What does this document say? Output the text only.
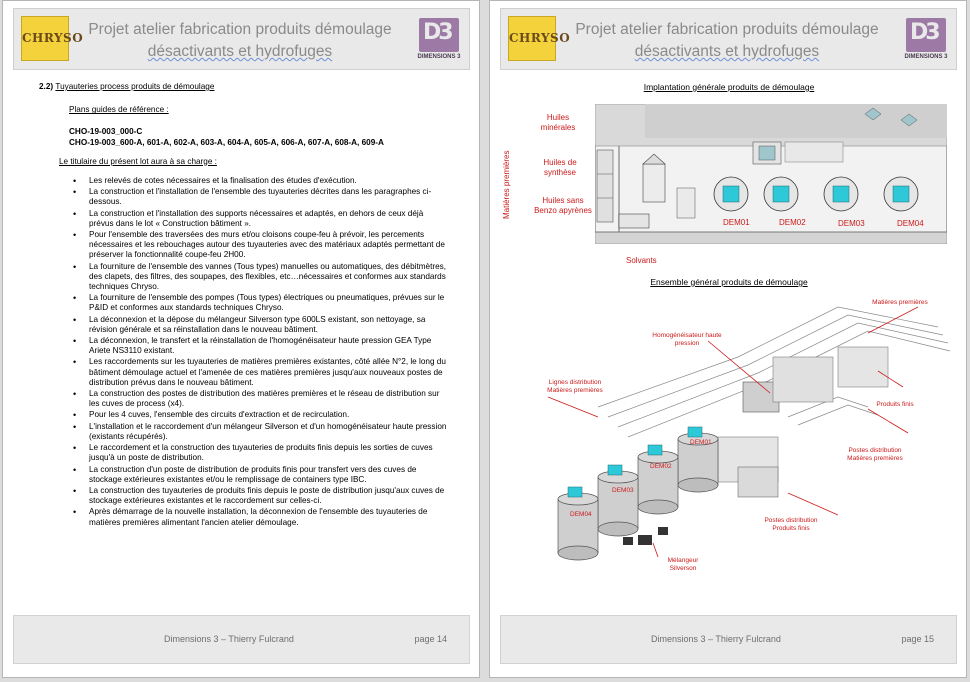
CHRYSO Projet atelier fabrication produits démoulage
désactivants et hydrofuges
D3
DIMENSIONS 3
2.2) Tuyauteries process produits de démoulage
Plans guides de référence :
CHO-19-003_000-C
CHO-19-003_600-A, 601-A, 602-A, 603-A, 604-A, 605-A, 606-A, 607-A, 608-A, 609-A
Le titulaire du présent lot aura à sa charge :
• Les relevés de cotes nécessaires et la finalisation des études d'exécution.
• La construction et l'installation de l'ensemble des tuyauteries décrites dans les paragraphes ci-dessous.
• La construction et l'installation des supports nécessaires et adaptés, en dehors de ceux déjà prévus dans le lot « Construction bâtiment ».
• Pour l'ensemble des traversées des murs et/ou cloisons coupe-feu à prévoir, les percements nécessaires et les rebouchages autour des tuyauteries avec des matériaux adaptés permettant de préserver la fonctionnalité coupe-feu 2H00.
• La fourniture de l'ensemble des vannes (Tous types) manuelles ou automatiques, des débitmètres, des clapets, des filtres, des soupapes, des flexibles, etc…nécessaires et conformes aux standards techniques Chryso.
• La fourniture de l'ensemble des pompes (Tous types) électriques ou pneumatiques, prévues sur le P&ID et conformes aux standards techniques Chryso.
• La déconnexion et la dépose du mélangeur Silverson type 600LS existant, son nettoyage, sa révision générale et sa réinstallation dans le nouveau bâtiment.
• La déconnexion, le transfert et la réinstallation de l'homogénéisateur haute pression GEA Type Ariete NS3110 existant.
• Les raccordements sur les tuyauteries de matières premières existantes, côté allée N°2, le long du bâtiment démoulage actuel et l'amenée de ces matières premières jusqu'aux nouveaux postes de distribution prévus dans le nouveau bâtiment.
• La construction des postes de distribution des matières premières et le réseau de distribution sur les cuves de process (x4).
• Pour les 4 cuves, l'ensemble des circuits d'extraction et de recirculation.
• L'installation et le raccordement d'un mélangeur Silverson et d'un homogénéisateur haute pression (existants récupérés).
• Le raccordement et la construction des tuyauteries de produits finis depuis les sorties de cuves jusqu'à un poste de distribution.
• La construction d'un poste de distribution de produits finis pour transfert vers des cuves de stockage extérieures existantes et/ou le remplissage de containers type IBC.
• La construction des tuyauteries de produits finis depuis le poste de distribution jusqu'aux cuves de stockage extérieures existantes et le raccordement sur celles-ci.
• Après démarrage de la nouvelle installation, la déconnexion de l'ensemble des tuyauteries de matières premières alimentant l'ancien atelier démoulage.
Dimensions 3 – Thierry Fulcrand	page 14
CHRYSO Projet atelier fabrication produits démoulage
désactivants et hydrofuges
D3
DIMENSIONS 3
Implantation générale produits de démoulage
Matières premières
Huiles minérales
Huiles de synthèse
Huiles sans Benzo apyrènes
Solvants
DEM01	DEM02	DEM03	DEM04
Ensemble général produits de démoulage
Matières premières
Homogénéisateur haute pression
Lignes distribution Matières premières
Produits finis
Postes distribution Matières premières
Postes distribution Produits finis
Mélangeur Silverson
DEM01
DEM02
DEM03
DEM04
Dimensions 3 – Thierry Fulcrand	page 15
